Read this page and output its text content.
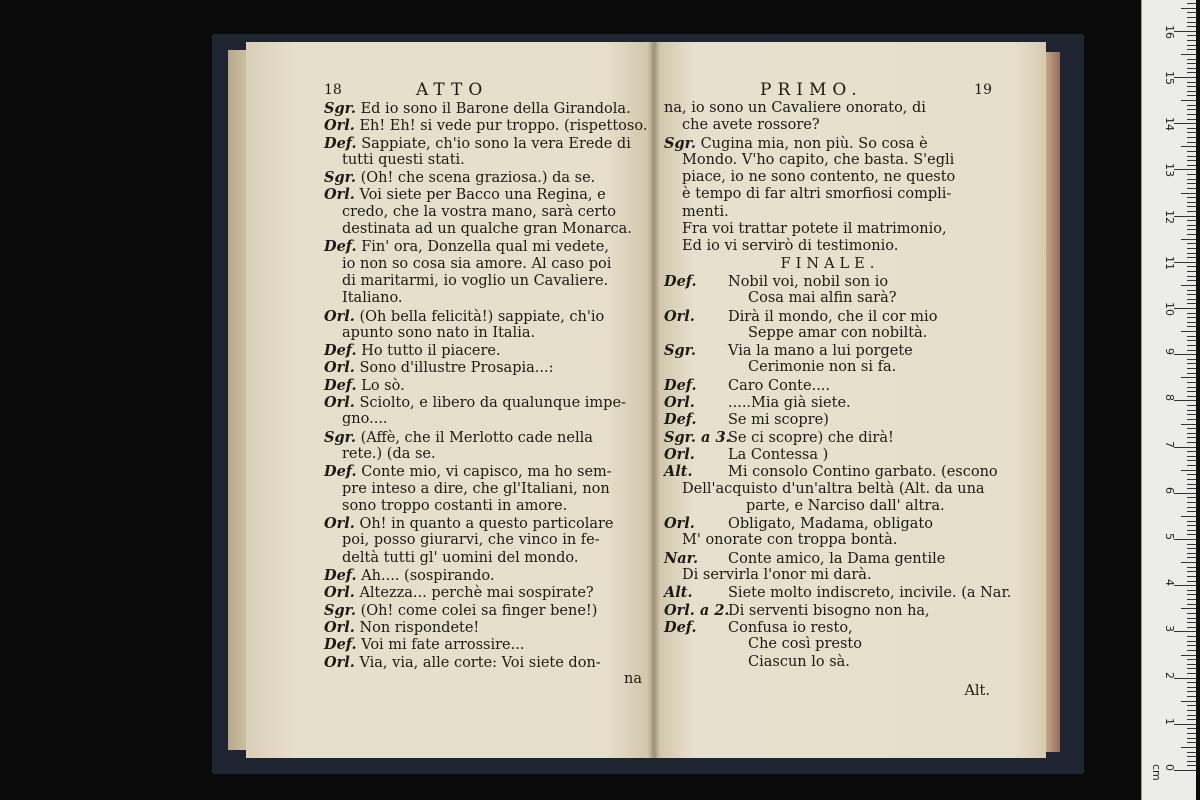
18	ATTO
Sgr. Ed io sono il Barone della Girandola.
Orl. Eh! Eh! si vede pur troppo. (rispettoso.
Def. Sappiate, ch'io sono la vera Erede di
tutti questi stati.
Sgr. (Oh! che scena graziosa.) da se.
Orl. Voi siete per Bacco una Regina, e
credo, che la vostra mano, sarà certo
destinata ad un qualche gran Monarca.
Def. Fin' ora, Donzella qual mi vedete,
io non so cosa sia amore. Al caso poi
di maritarmi, io voglio un Cavaliere.
Italiano.
Orl. (Oh bella felicità!) sappiate, ch'io
apunto sono nato in Italia.
Def. Ho tutto il piacere.
Orl. Sono d'illustre Prosapia...:
Def. Lo sò.
Orl. Sciolto, e libero da qualunque impe-
gno....
Sgr. (Affè, che il Merlotto cade nella
rete.) (da se.
Def. Conte mio, vi capisco, ma ho sem-
pre inteso a dire, che gl'Italiani, non
sono troppo costanti in amore.
Orl. Oh! in quanto a questo particolare
poi, posso giurarvi, che vinco in fe-
deltà tutti gl' uomini del mondo.
Def. Ah.... (sospirando.
Orl. Altezza... perchè mai sospirate?
Sgr. (Oh! come colei sa finger bene!)
Orl. Non rispondete!
Def. Voi mi fate arrossire...
Orl. Via, via, alle corte: Voi siete don-
na
PRIMO.	19
na, io sono un Cavaliere onorato, di
che avete rossore?
Sgr. Cugina mia, non più. So cosa è
Mondo. V'ho capito, che basta. S'egli
piace, io ne sono contento, ne questo
è tempo di far altri smorfiosi compli-
menti.
Fra voi trattar potete il matrimonio,
Ed io vi servirò di testimonio.
FINALE.
Def. Nobil voi, nobil son io
Cosa mai alfin sarà?
Orl. Dirà il mondo, che il cor mio
Seppe amar con nobiltà.
Sgr. Via la mano a lui porgete
Cerimonie non si fa.
Def. Caro Conte....
Orl. .....Mia già siete.
Def. Se mi scopre)
Sgr. a 3.Se ci scopre) che dirà!
Orl. La Contessa )
Alt. Mi consolo Contino garbato. (escono
Dell'acquisto d'un'altra beltà (Alt. da una
parte, e Narciso dall' altra.
Orl. Obligato, Madama, obligato
M' onorate con troppa bontà.
Nar. Conte amico, la Dama gentile
Di servirla l'onor mi darà.
Alt. Siete molto indiscreto, incivile. (a Nar.
Orl. a 2.Di serventi bisogno non ha,
Def. Confusa io resto,
Che così presto
Ciascun lo sà.
Alt.
1
2
3
4
5
6
7
8
9
10
11
12
13
14
15
16
0 cm
